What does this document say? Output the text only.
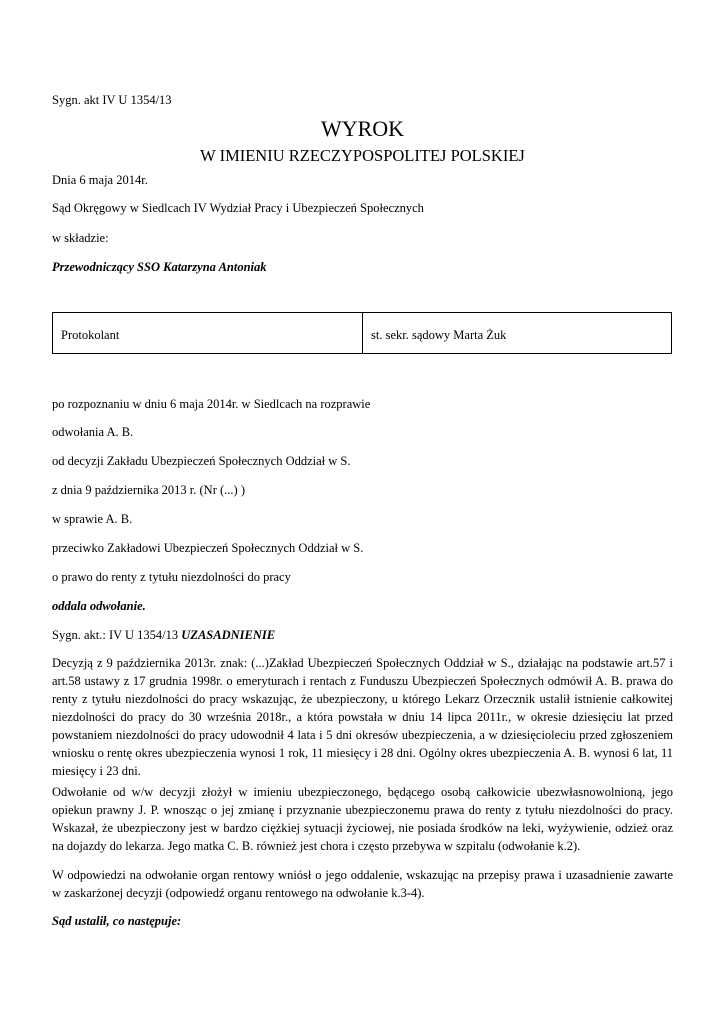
Sygn. akt IV U 1354/13
WYROK
W IMIENIU RZECZYPOSPOLITEJ POLSKIEJ
Dnia 6 maja 2014r.
Sąd Okręgowy w Siedlcach IV Wydział Pracy i Ubezpieczeń Społecznych
w składzie:
Przewodniczący SSO Katarzyna Antoniak
Protokolant	st. sekr. sądowy Marta Żuk
po rozpoznaniu w dniu 6 maja 2014r. w Siedlcach na rozprawie
odwołania A. B.
od decyzji Zakładu Ubezpieczeń Społecznych Oddział w S.
z dnia 9 października 2013 r. (Nr (...) )
w sprawie A. B.
przeciwko Zakładowi Ubezpieczeń Społecznych Oddział w S.
o prawo do renty z tytułu niezdolności do pracy
oddala odwołanie.
Sygn. akt.: IV U 1354/13 UZASADNIENIE
Decyzją z 9 października 2013r. znak: (...)Zakład Ubezpieczeń Społecznych Oddział w S., działając na podstawie art.57 i art.58 ustawy z 17 grudnia 1998r. o emeryturach i rentach z Funduszu Ubezpieczeń Społecznych odmówił A. B. prawa do renty z tytułu niezdolności do pracy wskazując, że ubezpieczony, u którego Lekarz Orzecznik ustalił istnienie całkowitej niezdolności do pracy do 30 września 2018r., a która powstała w dniu 14 lipca 2011r., w okresie dziesięciu lat przed powstaniem niezdolności do pracy udowodnił 4 lata i 5 dni okresów ubezpieczenia, a w dziesięcioleciu przed zgłoszeniem wniosku o rentę okres ubezpieczenia wynosi 1 rok, 11 miesięcy i 28 dni. Ogólny okres ubezpieczenia A. B. wynosi 6 lat, 11 miesięcy i 23 dni.
Odwołanie od w/w decyzji złożył w imieniu ubezpieczonego, będącego osobą całkowicie ubezwłasnowolnioną, jego opiekun prawny J. P. wnosząc o jej zmianę i przyznanie ubezpieczonemu prawa do renty z tytułu niezdolności do pracy. Wskazał, że ubezpieczony jest w bardzo ciężkiej sytuacji życiowej, nie posiada środków na leki, wyżywienie, odzież oraz na dojazdy do lekarza. Jego matka C. B. również jest chora i często przebywa w szpitalu (odwołanie k.2).
W odpowiedzi na odwołanie organ rentowy wniósł o jego oddalenie, wskazując na przepisy prawa i uzasadnienie zawarte w zaskarżonej decyzji (odpowiedź organu rentowego na odwołanie k.3-4).
Sąd ustalił, co następuje:
